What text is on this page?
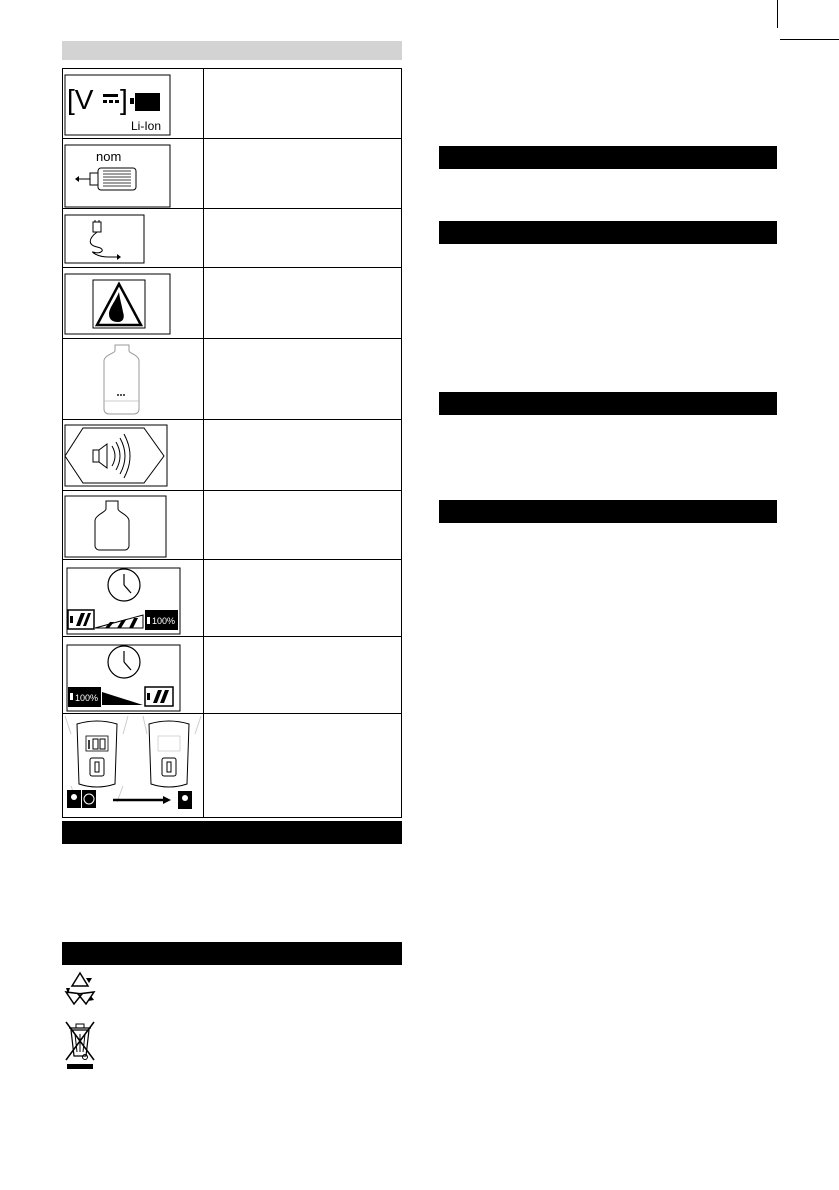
[V ]
Li-Ion	

nom	

100%	

100%	
